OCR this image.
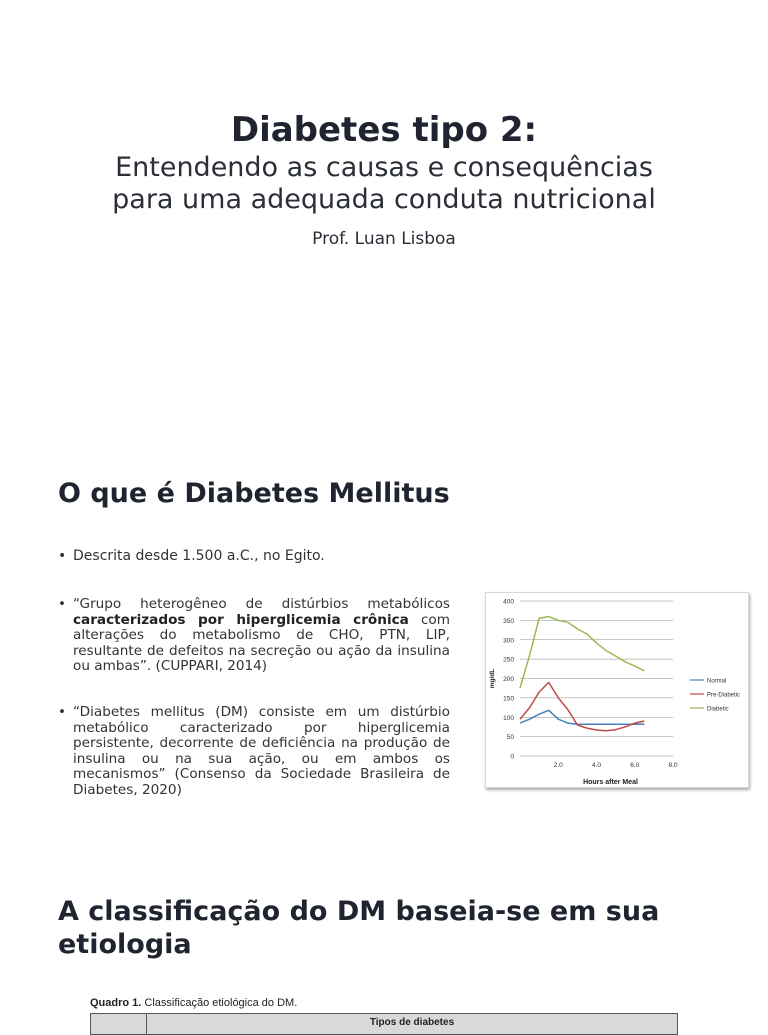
Diabetes tipo 2:
Entendendo as causas e consequências
para uma adequada conduta nutricional
Prof. Luan Lisboa
O que é Diabetes Mellitus
• Descrita desde 1.500 a.C., no Egito.
• “Grupo heterogêneo de distúrbios metabólicos caracterizados por hiperglicemia crônica com alterações do metabolismo de CHO, PTN, LIP, resultante de defeitos na secreção ou ação da insulina ou ambas”. (CUPPARI, 2014)
• “Diabetes mellitus (DM) consiste em um distúrbio metabólico caracterizado por hiperglicemia persistente, decorrente de deficiência na produção de insulina ou na sua ação, ou em ambos os mecanismos” (Consenso da Sociedade Brasileira de Diabetes, 2020)
0
50
100
150
200
250
300
350
400
2.0	4.0	6.0	8.0
Hours after Meal
mg/dL	Normal
Pre-Diabetic
Diabetic
A classificação do DM baseia-se em sua etiologia
Quadro 1. Classificação etiológica do DM.
Tipos de diabetes
